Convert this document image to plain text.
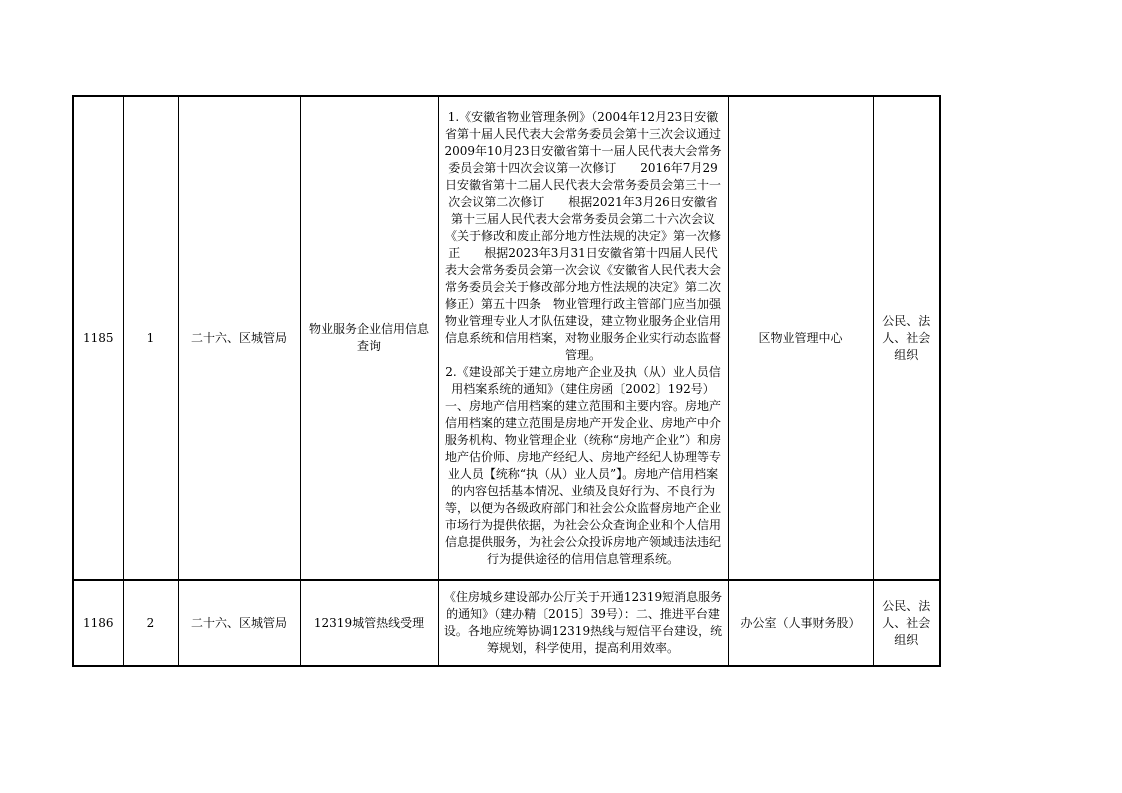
1185	1	二十六、区城管局	物业服务企业信用信息查询	1.《安徽省物业管理条例》（2004年12月23日安徽省第十届人民代表大会常务委员会第十三次会议通过　　2009年10月23日安徽省第十一届人民代表大会常务委员会第十四次会议第一次修订　　2016年7月29日安徽省第十二届人民代表大会常务委员会第三十一次会议第二次修订　　根据2021年3月26日安徽省第十三届人民代表大会常务委员会第二十六次会议《关于修改和废止部分地方性法规的决定》第一次修正　　根据2023年3月31日安徽省第十四届人民代表大会常务委员会第一次会议《安徽省人民代表大会常务委员会关于修改部分地方性法规的决定》第二次修正）第五十四条　物业管理行政主管部门应当加强物业管理专业人才队伍建设，建立物业服务企业信用信息系统和信用档案，对物业服务企业实行动态监督管理。
2.《建设部关于建立房地产企业及执（从）业人员信用档案系统的通知》（建住房函〔2002〕192号）一、房地产信用档案的建立范围和主要内容。房地产信用档案的建立范围是房地产开发企业、房地产中介服务机构、物业管理企业（统称“房地产企业”）和房地产估价师、房地产经纪人、房地产经纪人协理等专业人员【统称“执（从）业人员”】。房地产信用档案的内容包括基本情况、业绩及良好行为、不良行为等，以便为各级政府部门和社会公众监督房地产企业市场行为提供依据，为社会公众查询企业和个人信用信息提供服务，为社会公众投诉房地产领域违法违纪行为提供途径的信用信息管理系统。	区物业管理中心	公民、法人、社会组织
1186	2	二十六、区城管局	12319城管热线受理	《住房城乡建设部办公厅关于开通12319短消息服务的通知》（建办精〔2015〕39号）：二、推进平台建设。各地应统筹协调12319热线与短信平台建设，统筹规划，科学使用，提高利用效率。	办公室（人事财务股）	公民、法人、社会组织
